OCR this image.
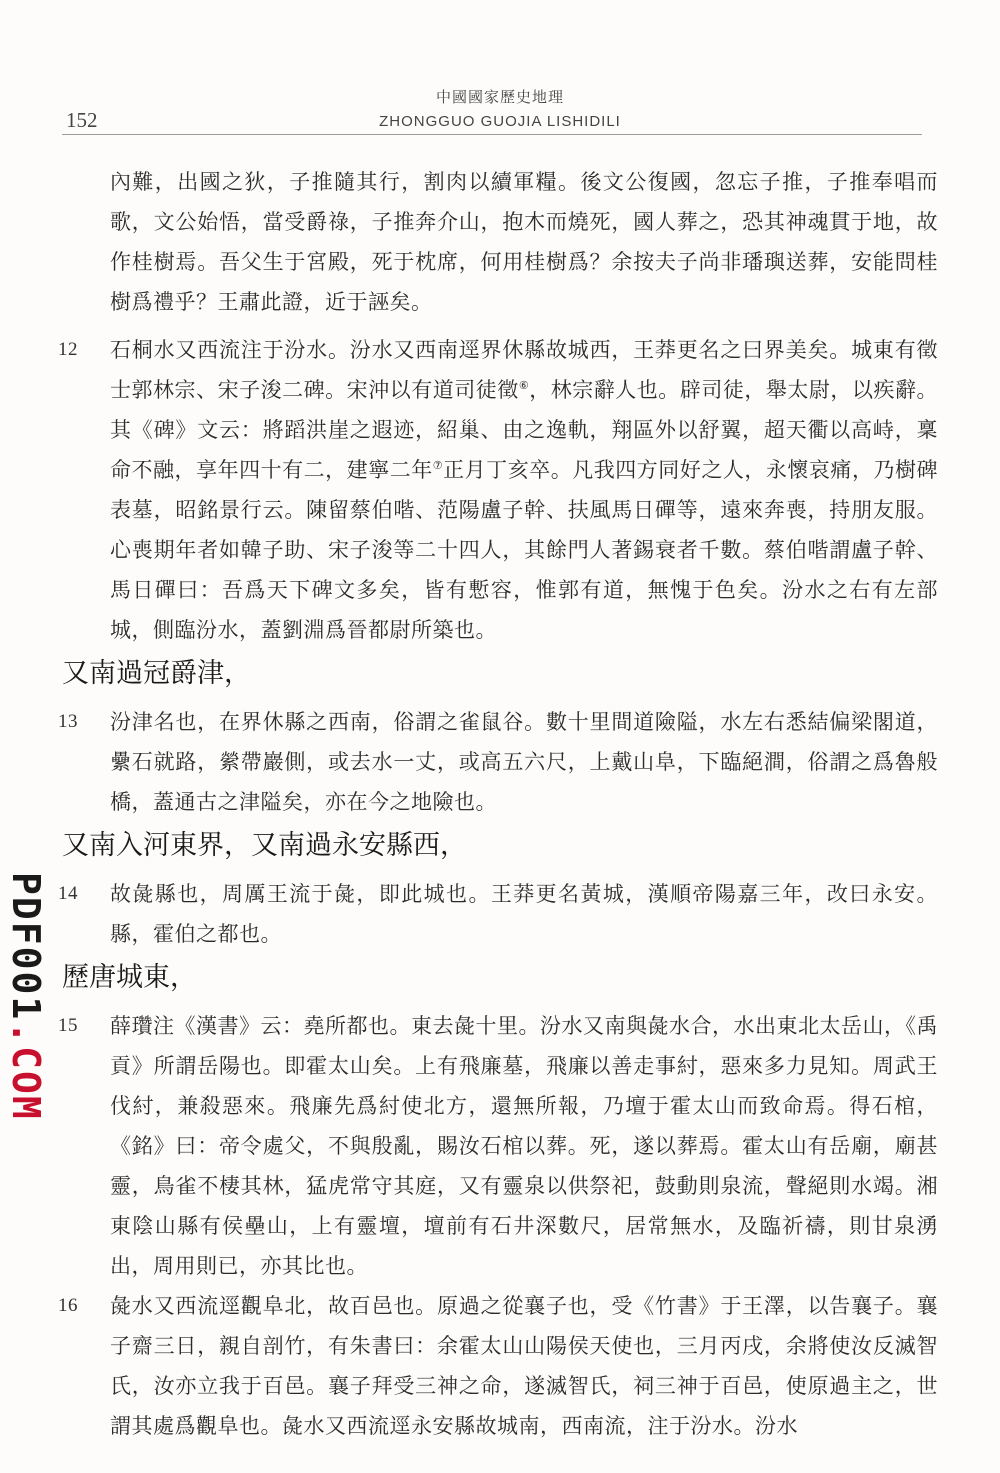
152
中國國家歷史地理
ZHONGGUO GUOJIA LISHIDILI
PDF001.COM
內難，出國之狄，子推隨其行，割肉以續軍糧。後文公復國，忽忘子推，子推奉唱而歌，文公始悟，當受爵祿，子推奔介山，抱木而燒死，國人葬之，恐其神魂貫于地，故作桂樹焉。吾父生于宮殿，死于枕席，何用桂樹爲？余按夫子尚非璠璵送葬，安能問桂樹爲禮乎？王肅此證，近于誣矣。
12 石桐水又西流注于汾水。汾水又西南逕界休縣故城西，王莽更名之曰界美矣。城東有徵士郭林宗、宋子浚二碑。宋沖以有道司徒徵⑥，林宗辭人也。辟司徒，舉太尉，以疾辭。其《碑》文云：將蹈洪崖之遐迹，紹巢、由之逸軌，翔區外以舒翼，超天衢以高峙，稟命不融，享年四十有二，建寧二年⑦正月丁亥卒。凡我四方同好之人，永懷哀痛，乃樹碑表墓，昭銘景行云。陳留蔡伯喈、范陽盧子幹、扶風馬日磾等，遠來奔喪，持朋友服。心喪期年者如韓子助、宋子浚等二十四人，其餘門人著錫衰者千數。蔡伯喈謂盧子幹、馬日磾曰：吾爲天下碑文多矣，皆有慙容，惟郭有道，無愧于色矣。汾水之右有左部城，側臨汾水，蓋劉淵爲晉都尉所築也。
又南過冠爵津，
13 汾津名也，在界休縣之西南，俗謂之雀鼠谷。數十里間道險隘，水左右悉結偏梁閣道，纍石就路，縈帶巖側，或去水一丈，或高五六尺，上戴山阜，下臨絕澗，俗謂之爲魯般橋，蓋通古之津隘矣，亦在今之地險也。
又南入河東界，又南過永安縣西，
14 故彘縣也，周厲王流于彘，即此城也。王莽更名黃城，漢順帝陽嘉三年，改曰永安。縣，霍伯之都也。
歷唐城東，
15 薛瓚注《漢書》云：堯所都也。東去彘十里。汾水又南與彘水合，水出東北太岳山，《禹貢》所謂岳陽也。即霍太山矣。上有飛廉墓，飛廉以善走事紂，惡來多力見知。周武王伐紂，兼殺惡來。飛廉先爲紂使北方，還無所報，乃壇于霍太山而致命焉。得石棺，《銘》曰：帝令處父，不與殷亂，賜汝石棺以葬。死，遂以葬焉。霍太山有岳廟，廟甚靈，鳥雀不棲其林，猛虎常守其庭，又有靈泉以供祭祀，鼓動則泉流，聲絕則水竭。湘東陰山縣有侯壘山，上有靈壇，壇前有石井深數尺，居常無水，及臨祈禱，則甘泉湧出，周用則已，亦其比也。
16 彘水又西流逕觀阜北，故百邑也。原過之從襄子也，受《竹書》于王澤，以告襄子。襄子齋三日，親自剖竹，有朱書曰：余霍太山山陽侯天使也，三月丙戌，余將使汝反滅智氏，汝亦立我于百邑。襄子拜受三神之命，遂滅智氏，祠三神于百邑，使原過主之，世謂其處爲觀阜也。彘水又西流逕永安縣故城南，西南流，注于汾水。汾水
